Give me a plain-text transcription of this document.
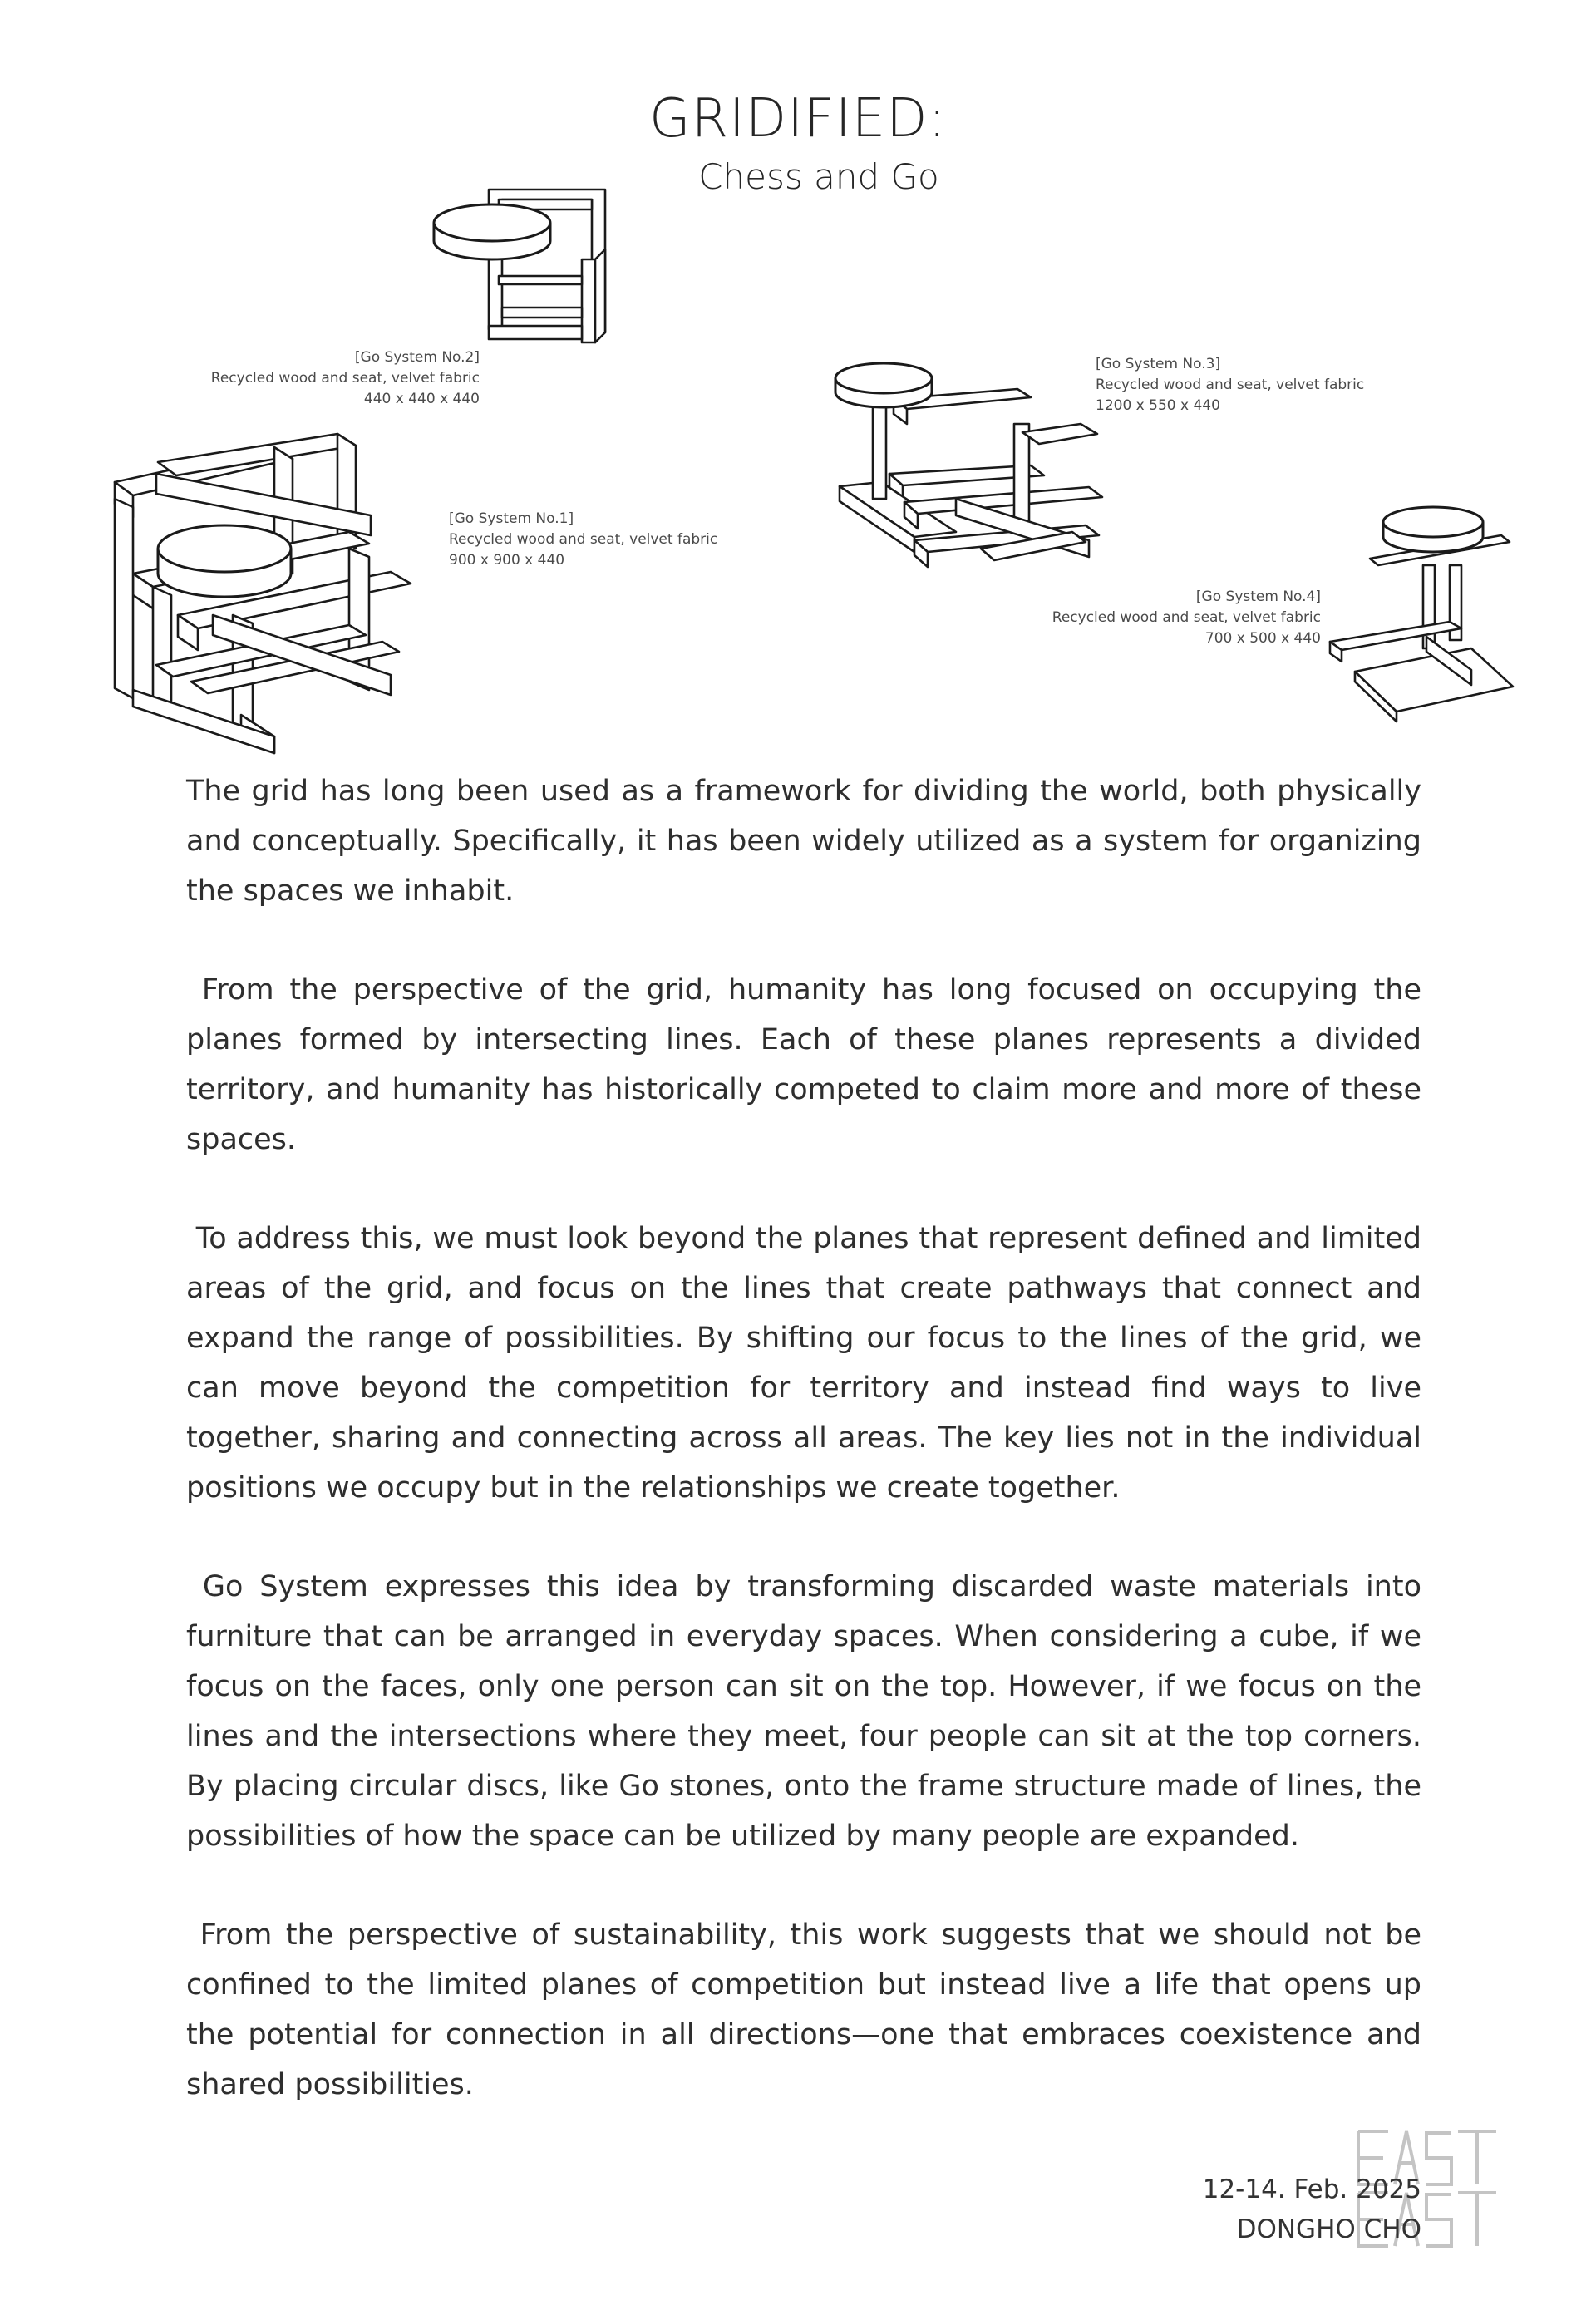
GRIDIFIED:
Chess and Go
[Go System No.2]
Recycled wood and seat, velvet fabric
440 x 440 x 440
[Go System No.3]
Recycled wood and seat, velvet fabric
1200 x 550 x 440
[Go System No.1]
Recycled wood and seat, velvet fabric
900 x 900 x 440
[Go System No.4]
Recycled wood and seat, velvet fabric
700 x 500 x 440

The grid has long been used as a framework for dividing the world, both physically and conceptually. Specifically, it has been widely utilized as a system for organizing the spaces we inhabit.

From the perspective of the grid, humanity has long focused on occupying the planes formed by intersecting lines. Each of these planes represents a divided territory, and humanity has historically competed to claim more and more of these spaces.

To address this, we must look beyond the planes that represent defined and limited areas of the grid, and focus on the lines that create pathways that connect and expand the range of possibilities. By shifting our focus to the lines of the grid, we can move beyond the competition for territory and instead find ways to live together, sharing and connecting across all areas. The key lies not in the individual positions we occupy but in the relationships we create together.

Go System expresses this idea by transforming discarded waste materials into furniture that can be arranged in everyday spaces. When considering a cube, if we focus on the faces, only one person can sit on the top. However, if we focus on the lines and the intersections where they meet, four people can sit at the top corners. By placing circular discs, like Go stones, onto the frame structure made of lines, the possibilities of how the space can be utilized by many people are expanded.

From the perspective of sustainability, this work suggests that we should not be confined to the limited planes of competition but instead live a life that opens up the potential for connection in all directions—one that embraces coexistence and shared possibilities.

12-14. Feb. 2025
DONGHO CHO
